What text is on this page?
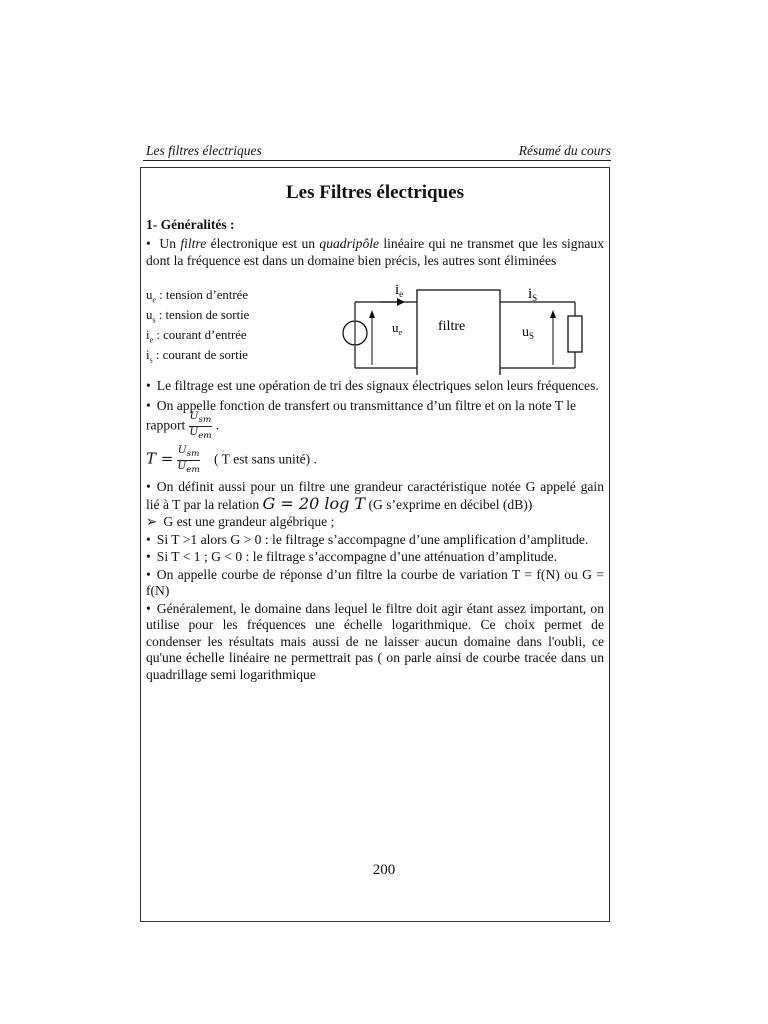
Les filtres électriques	Résumé du cours
Les Filtres électriques
1- Généralités :
• Un filtre électronique est un quadripôle linéaire qui ne transmet que les signaux dont la fréquence est dans un domaine bien précis, les autres sont éliminées
$u_e$ : tension d’entrée
$u_s$ : tension de sortie
$i_e$ : courant d’entrée
$i_s$ : courant de sortie
$i_e$	$i_S$
$u_e$	$u_S$
filtre
• Le filtrage est une opération de tri des signaux électriques selon leurs fréquences.
• On appelle fonction de transfert ou transmittance d’un filtre et on la note T le
rapport $\frac{U_{sm}}{U_{em}}$ .
$T = \frac{U_{sm}}{U_{em}}$ ( T est sans unité) .
• On définit aussi pour un filtre une grandeur caractéristique notée G appelé gain lié à T par la relation G = 20 log T (G s’exprime en décibel (dB))
➢ G est une grandeur algébrique ;
• Si T >1 alors G > 0 : le filtrage s’accompagne d’une amplification d’amplitude.
• Si T < 1 ; G < 0 : le filtrage s’accompagne d’une atténuation d’amplitude.
• On appelle courbe de réponse d’un filtre la courbe de variation T = f(N) ou G = f(N)
• Généralement, le domaine dans lequel le filtre doit agir étant assez important, on utilise pour les fréquences une échelle logarithmique. Ce choix permet de condenser les résultats mais aussi de ne laisser aucun domaine dans l'oubli, ce qu'une échelle linéaire ne permettrait pas ( on parle ainsi de courbe tracée dans un quadrillage semi logarithmique
200
